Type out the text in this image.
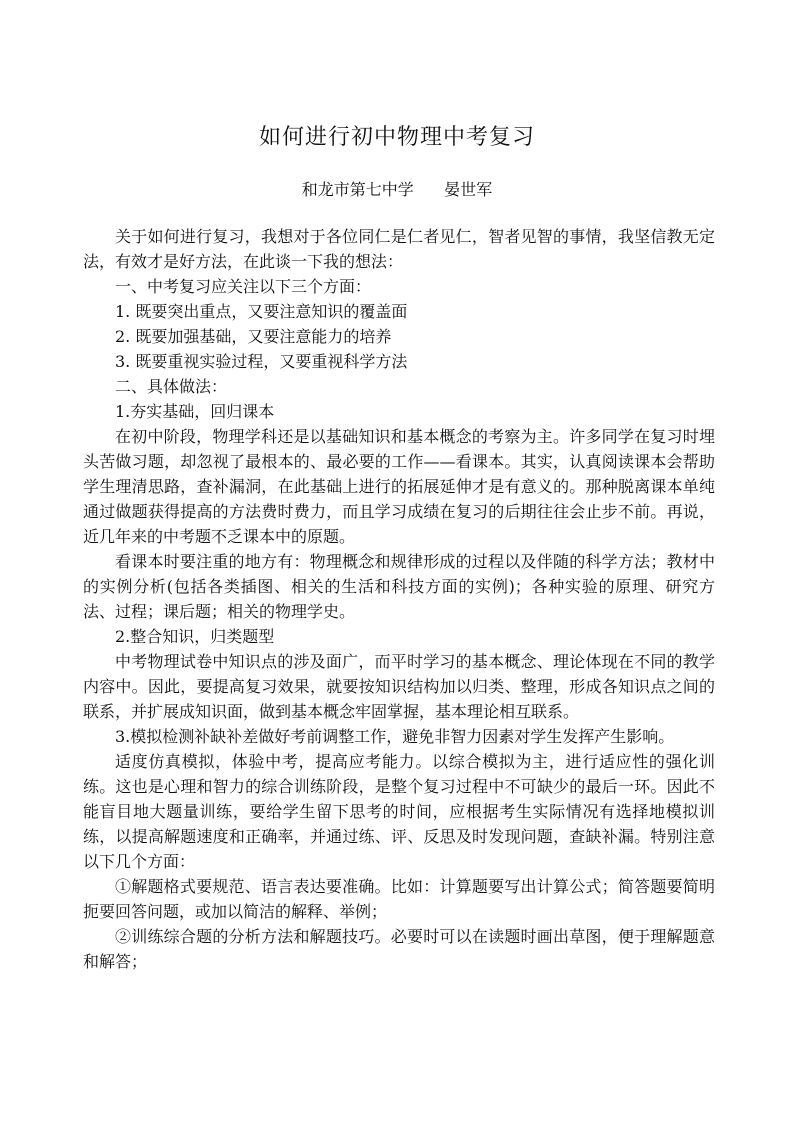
如何进行初中物理中考复习

和龙市第七中学      晏世军

关于如何进行复习，我想对于各位同仁是仁者见仁，智者见智的事情，我坚信教无定法，有效才是好方法，在此谈一下我的想法：

一、中考复习应关注以下三个方面：

1. 既要突出重点，又要注意知识的覆盖面

2. 既要加强基础，又要注意能力的培养

3. 既要重视实验过程，又要重视科学方法

二、具体做法：

1.夯实基础，回归课本

在初中阶段，物理学科还是以基础知识和基本概念的考察为主。许多同学在复习时埋头苦做习题，却忽视了最根本的、最必要的工作——看课本。其实，认真阅读课本会帮助学生理清思路，查补漏洞，在此基础上进行的拓展延伸才是有意义的。那种脱离课本单纯通过做题获得提高的方法费时费力，而且学习成绩在复习的后期往往会止步不前。再说，近几年来的中考题不乏课本中的原题。

看课本时要注重的地方有：物理概念和规律形成的过程以及伴随的科学方法；教材中的实例分析(包括各类插图、相关的生活和科技方面的实例)；各种实验的原理、研究方法、过程；课后题；相关的物理学史。

2.整合知识，归类题型

中考物理试卷中知识点的涉及面广，而平时学习的基本概念、理论体现在不同的教学内容中。因此，要提高复习效果，就要按知识结构加以归类、整理，形成各知识点之间的联系，并扩展成知识面，做到基本概念牢固掌握，基本理论相互联系。

3.模拟检测补缺补差做好考前调整工作，避免非智力因素对学生发挥产生影响。

适度仿真模拟，体验中考，提高应考能力。以综合模拟为主，进行适应性的强化训练。这也是心理和智力的综合训练阶段，是整个复习过程中不可缺少的最后一环。因此不能盲目地大题量训练，要给学生留下思考的时间，应根据考生实际情况有选择地模拟训练，以提高解题速度和正确率，并通过练、评、反思及时发现问题，查缺补漏。特别注意以下几个方面：

①解题格式要规范、语言表达要准确。比如：计算题要写出计算公式；简答题要简明扼要回答问题，或加以简洁的解释、举例；

②训练综合题的分析方法和解题技巧。必要时可以在读题时画出草图，便于理解题意和解答；
